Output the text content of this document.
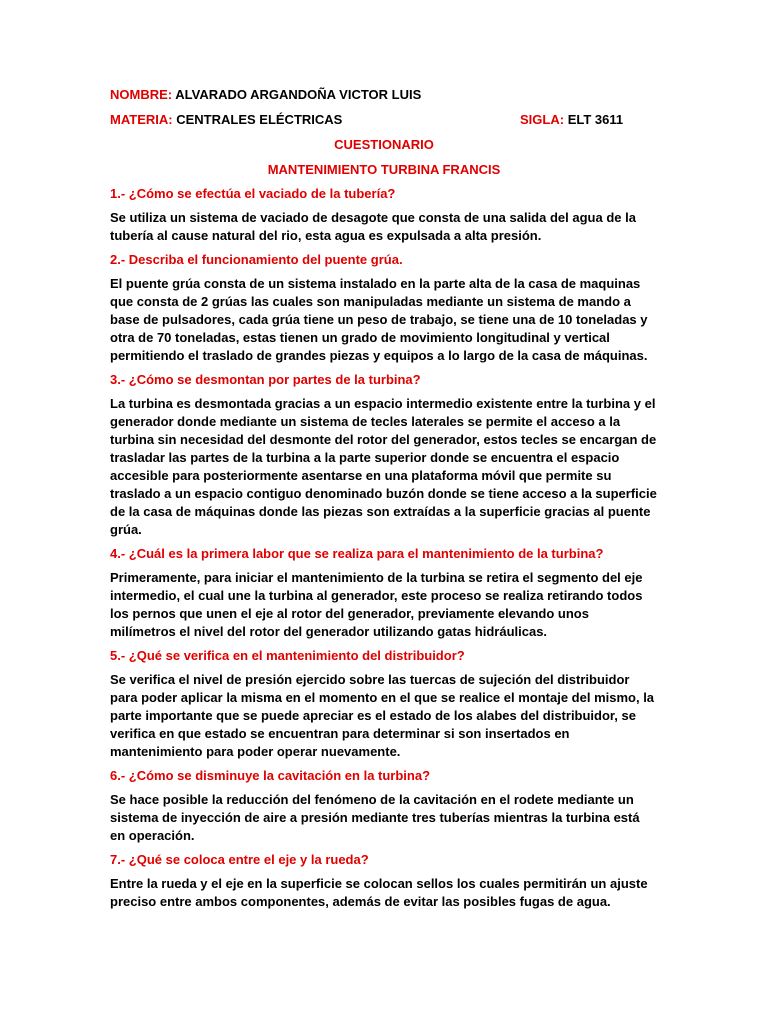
NOMBRE: ALVARADO ARGANDOÑA VICTOR LUIS

MATERIA: CENTRALES ELÉCTRICAS	SIGLA: ELT 3611
CUESTIONARIO
MANTENIMIENTO TURBINA FRANCIS

1.- ¿Cómo se efectúa el vaciado de la tubería?

Se utiliza un sistema de vaciado de desagote que consta de una salida del agua de la tubería al cause natural del rio, esta agua es expulsada a alta presión.

2.- Describa el funcionamiento del puente grúa.

El puente grúa consta de un sistema instalado en la parte alta de la casa de maquinas que consta de 2 grúas las cuales son manipuladas mediante un sistema de mando a base de pulsadores, cada grúa tiene un peso de trabajo, se tiene una de 10 toneladas y otra de 70 toneladas, estas tienen un grado de movimiento longitudinal y vertical permitiendo el traslado de grandes piezas y equipos a lo largo de la casa de máquinas.

3.- ¿Cómo se desmontan por partes de la turbina?

La turbina es desmontada gracias a un espacio intermedio existente entre la turbina y el generador donde mediante un sistema de tecles laterales se permite el acceso a la turbina sin necesidad del desmonte del rotor del generador, estos tecles se encargan de trasladar las partes de la turbina a la parte superior donde se encuentra el espacio accesible para posteriormente asentarse en una plataforma móvil que permite su traslado a un espacio contiguo denominado buzón donde se tiene acceso a la superficie de la casa de máquinas donde las piezas son extraídas a la superficie gracias al puente grúa.

4.- ¿Cuál es la primera labor que se realiza para el mantenimiento de la turbina?

Primeramente, para iniciar el mantenimiento de la turbina se retira el segmento del eje intermedio, el cual une la turbina al generador, este proceso se realiza retirando todos los pernos que unen el eje al rotor del generador, previamente elevando unos milímetros el nivel del rotor del generador utilizando gatas hidráulicas.

5.- ¿Qué se verifica en el mantenimiento del distribuidor?

Se verifica el nivel de presión ejercido sobre las tuercas de sujeción del distribuidor para poder aplicar la misma en el momento en el que se realice el montaje del mismo, la parte importante que se puede apreciar es el estado de los alabes del distribuidor, se verifica en que estado se encuentran para determinar si son insertados en mantenimiento para poder operar nuevamente.

6.- ¿Cómo se disminuye la cavitación en la turbina?

Se hace posible la reducción del fenómeno de la cavitación en el rodete mediante un sistema de inyección de aire a presión mediante tres tuberías mientras la turbina está en operación.

7.- ¿Qué se coloca entre el eje y la rueda?

Entre la rueda y el eje en la superficie se colocan sellos los cuales permitirán un ajuste preciso entre ambos componentes, además de evitar las posibles fugas de agua.
